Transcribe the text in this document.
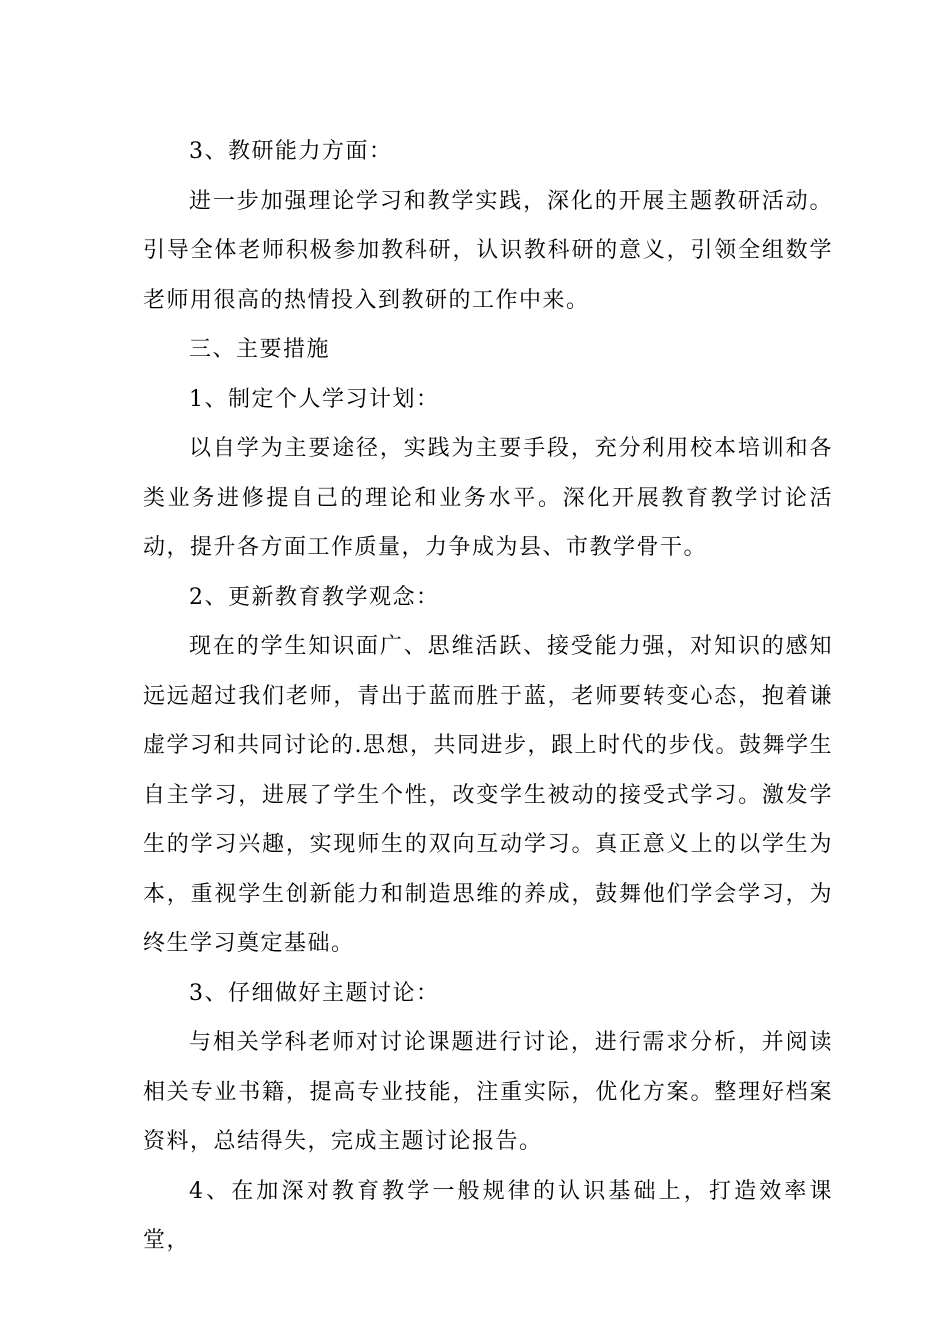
3、教研能力方面：

进一步加强理论学习和教学实践，深化的开展主题教研活动。引导全体老师积极参加教科研，认识教科研的意义，引领全组数学老师用很高的热情投入到教研的工作中来。

三、主要措施

1、制定个人学习计划：

以自学为主要途径，实践为主要手段，充分利用校本培训和各类业务进修提自己的理论和业务水平。深化开展教育教学讨论活动，提升各方面工作质量，力争成为县、市教学骨干。

2、更新教育教学观念：

现在的学生知识面广、思维活跃、接受能力强，对知识的感知远远超过我们老师，青出于蓝而胜于蓝，老师要转变心态，抱着谦虚学习和共同讨论的.思想，共同进步，跟上时代的步伐。鼓舞学生自主学习，进展了学生个性，改变学生被动的接受式学习。激发学生的学习兴趣，实现师生的双向互动学习。真正意义上的以学生为本，重视学生创新能力和制造思维的养成，鼓舞他们学会学习，为终生学习奠定基础。

3、仔细做好主题讨论：

与相关学科老师对讨论课题进行讨论，进行需求分析，并阅读相关专业书籍，提高专业技能，注重实际，优化方案。整理好档案资料，总结得失，完成主题讨论报告。

4、在加深对教育教学一般规律的认识基础上，打造效率课堂，
